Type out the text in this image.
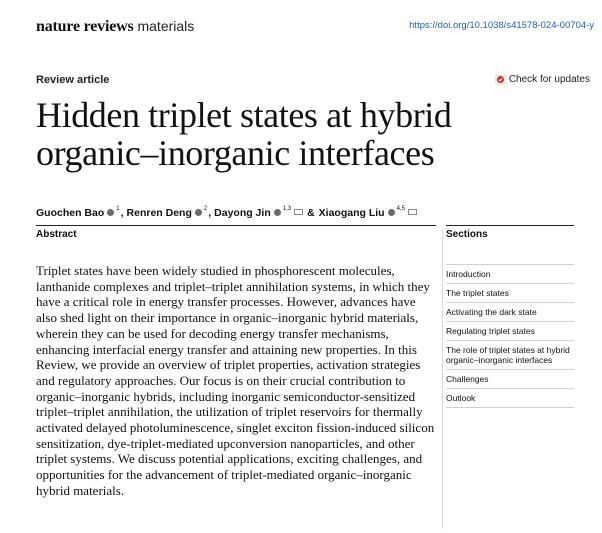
nature reviews materials	https://doi.org/10.1038/s41578-024-00704-y
Review article	Check for updates
Hidden triplet states at hybrid organic–inorganic interfaces
Guochen Bao 1 , Renren Deng 2 , Dayong Jin 1,3 & Xiaogang Liu 4,5
Abstract

Triplet states have been widely studied in phosphorescent molecules, lanthanide complexes and triplet–triplet annihilation systems, in which they have a critical role in energy transfer processes. However, advances have also shed light on their importance in organic–inorganic hybrid materials, wherein they can be used for decoding energy transfer mechanisms, enhancing interfacial energy transfer and attaining new properties. In this Review, we provide an overview of triplet properties, activation strategies and regulatory approaches. Our focus is on their crucial contribution to organic–inorganic hybrids, including inorganic semiconductor-sensitized triplet–triplet annihilation, the utilization of triplet reservoirs for thermally activated delayed photoluminescence, singlet exciton fission-induced silicon sensitization, dye-triplet-mediated upconversion nanoparticles, and other triplet systems. We discuss potential applications, exciting challenges, and opportunities for the advancement of triplet-mediated organic–inorganic hybrid materials.

Sections
Introduction
The triplet states
Activating the dark state
Regulating triplet states
The role of triplet states at hybrid organic–inorganic interfaces
Challenges
Outlook
